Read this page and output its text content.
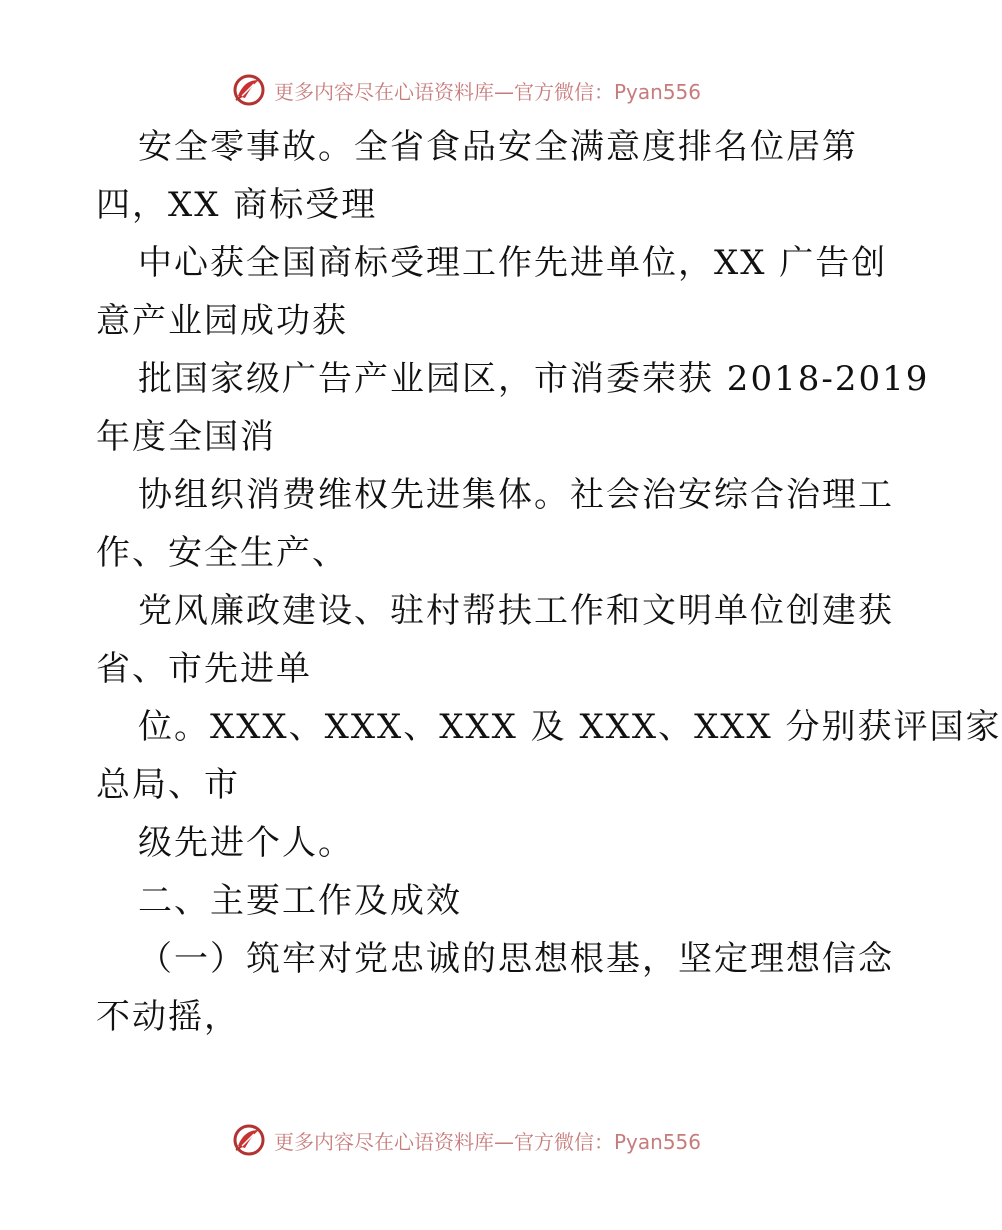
更多内容尽在心语资料库—官方微信：Pyan556
安全零事故。全省食品安全满意度排名位居第
四，XX 商标受理
中心获全国商标受理工作先进单位，XX 广告创
意产业园成功获
批国家级广告产业园区，市消委荣获 2018-2019
年度全国消
协组织消费维权先进集体。社会治安综合治理工
作、安全生产、
党风廉政建设、驻村帮扶工作和文明单位创建获
省、市先进单
位。XXX、XXX、XXX 及 XXX、XXX 分别获评国家
总局、市
级先进个人。
二、主要工作及成效
（一）筑牢对党忠诚的思想根基，坚定理想信念
不动摇，
更多内容尽在心语资料库—官方微信：Pyan556
